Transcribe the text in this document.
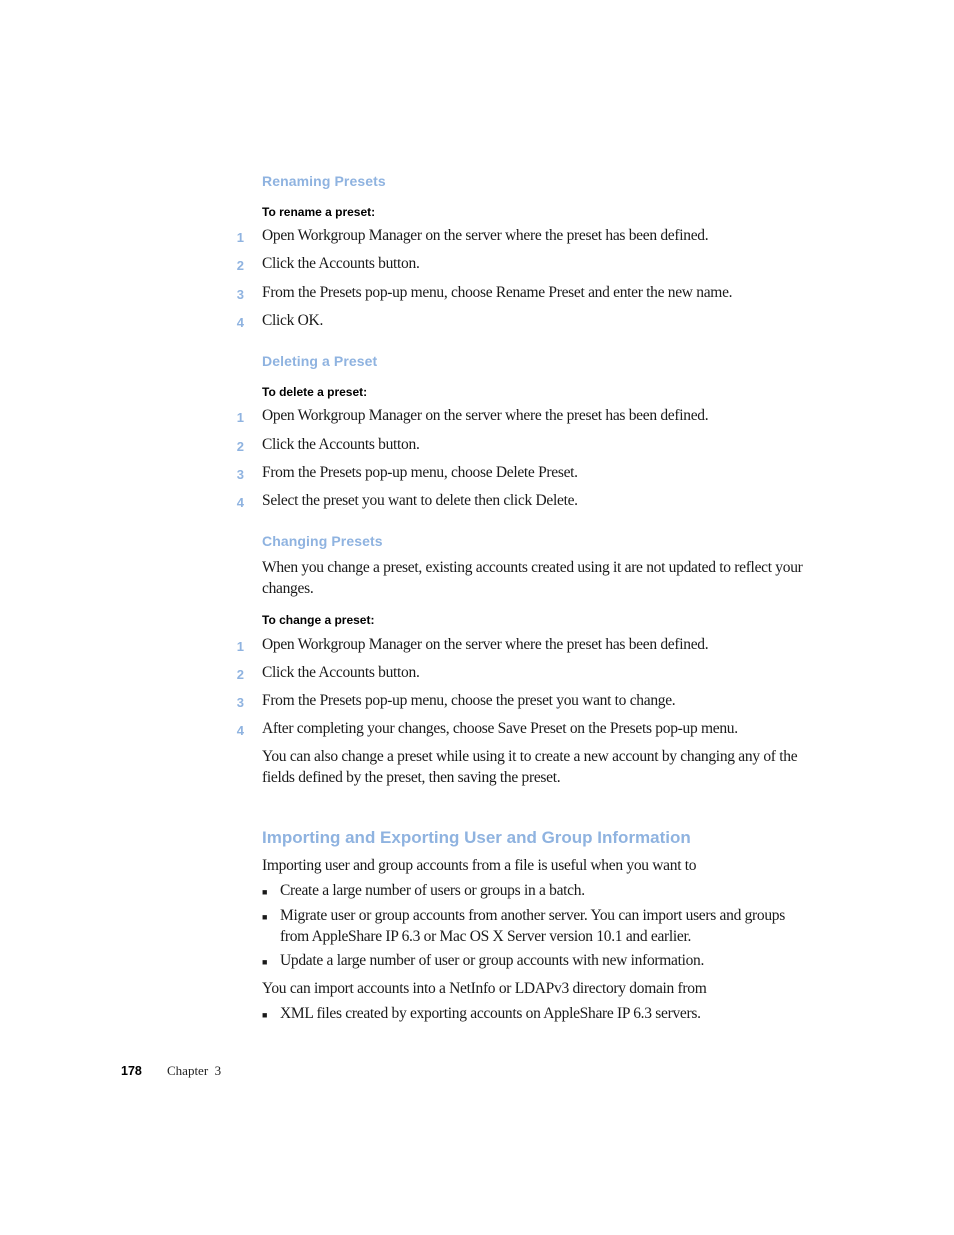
Renaming Presets
To rename a preset:
1 Open Workgroup Manager on the server where the preset has been defined.
2 Click the Accounts button.
3 From the Presets pop-up menu, choose Rename Preset and enter the new name.
4 Click OK.
Deleting a Preset
To delete a preset:
1 Open Workgroup Manager on the server where the preset has been defined.
2 Click the Accounts button.
3 From the Presets pop-up menu, choose Delete Preset.
4 Select the preset you want to delete then click Delete.
Changing Presets
When you change a preset, existing accounts created using it are not updated to reflect your changes.
To change a preset:
1 Open Workgroup Manager on the server where the preset has been defined.
2 Click the Accounts button.
3 From the Presets pop-up menu, choose the preset you want to change.
4 After completing your changes, choose Save Preset on the Presets pop-up menu.
You can also change a preset while using it to create a new account by changing any of the fields defined by the preset, then saving the preset.
Importing and Exporting User and Group Information
Importing user and group accounts from a file is useful when you want to
■ Create a large number of users or groups in a batch.
■ Migrate user or group accounts from another server. You can import users and groups from AppleShare IP 6.3 or Mac OS X Server version 10.1 and earlier.
■ Update a large number of user or group accounts with new information.
You can import accounts into a NetInfo or LDAPv3 directory domain from
■ XML files created by exporting accounts on AppleShare IP 6.3 servers.
178 Chapter  3
